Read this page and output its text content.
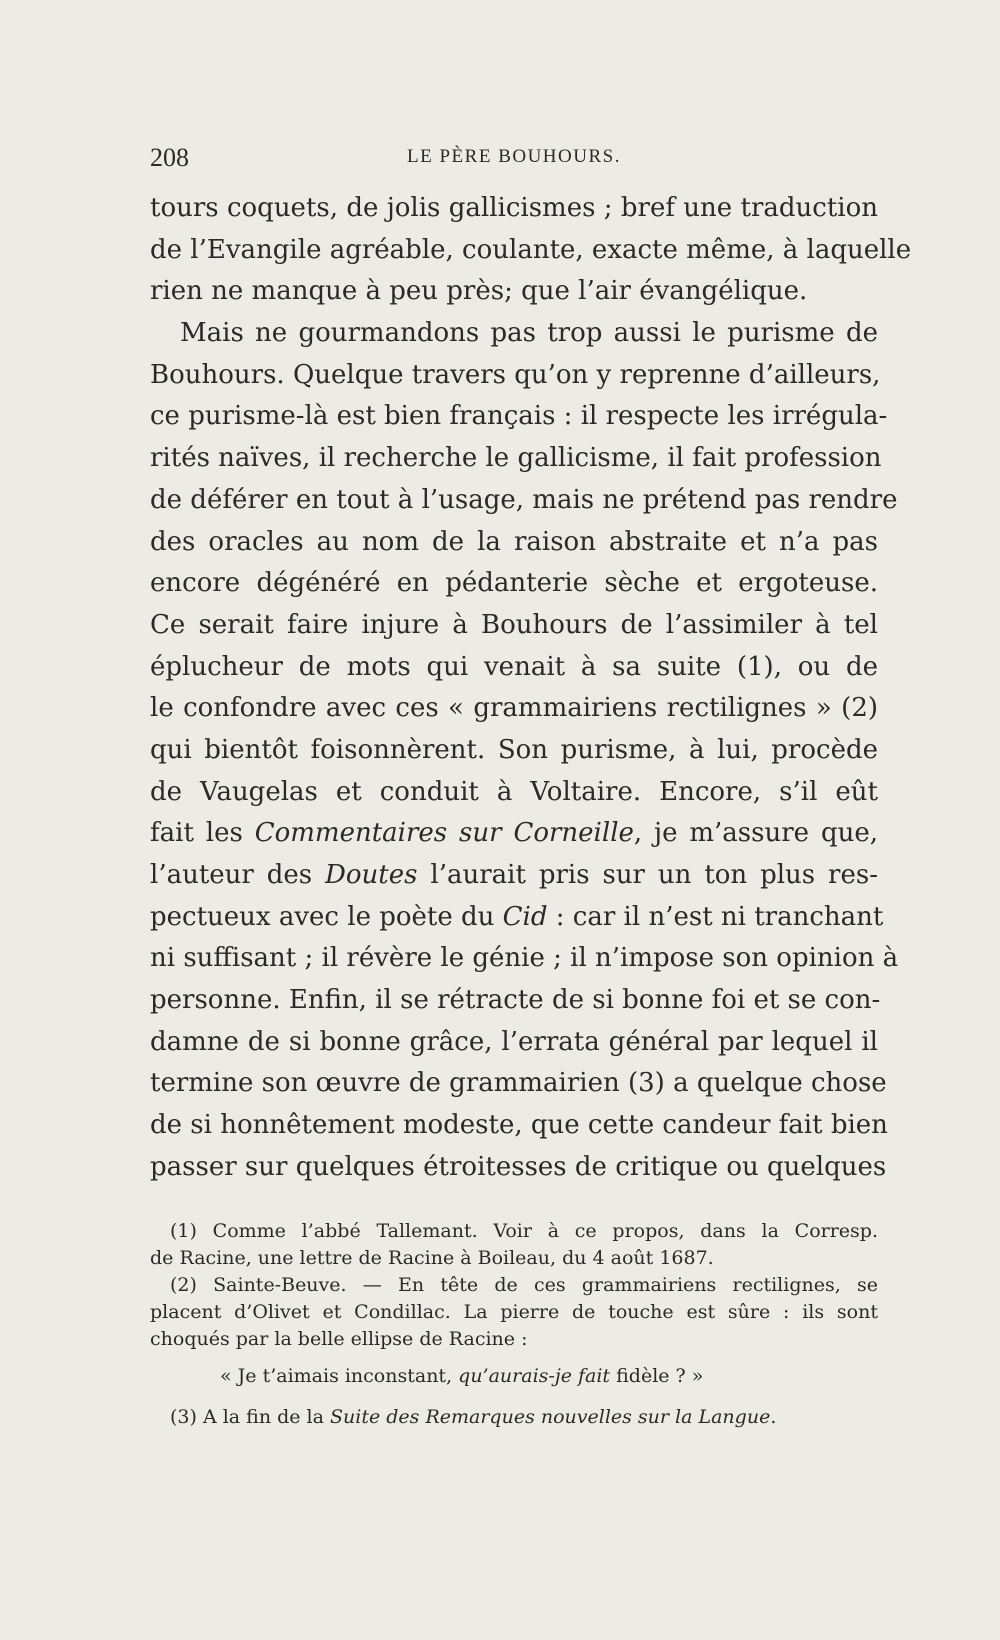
208	LE PÈRE BOUHOURS.
tours coquets, de jolis gallicismes ; bref une traduction
de l’Evangile agréable, coulante, exacte même, à laquelle
rien ne manque à peu près; que l’air évangélique.
Mais ne gourmandons pas trop aussi le purisme de
Bouhours. Quelque travers qu’on y reprenne d’ailleurs,
ce purisme-là est bien français : il respecte les irrégula-
rités naïves, il recherche le gallicisme, il fait profession
de déférer en tout à l’usage, mais ne prétend pas rendre
des oracles au nom de la raison abstraite et n’a pas
encore dégénéré en pédanterie sèche et ergoteuse.
Ce serait faire injure à Bouhours de l’assimiler à tel
éplucheur de mots qui venait à sa suite (1), ou de
le confondre avec ces « grammairiens rectilignes » (2)
qui bientôt foisonnèrent. Son purisme, à lui, procède
de Vaugelas et conduit à Voltaire. Encore, s’il eût
fait les Commentaires sur Corneille, je m’assure que,
l’auteur des Doutes l’aurait pris sur un ton plus res-
pectueux avec le poète du Cid : car il n’est ni tranchant
ni suffisant ; il révère le génie ; il n’impose son opinion à
personne. Enfin, il se rétracte de si bonne foi et se con-
damne de si bonne grâce, l’errata général par lequel il
termine son œuvre de grammairien (3) a quelque chose
de si honnêtement modeste, que cette candeur fait bien
passer sur quelques étroitesses de critique ou quelques
(1) Comme l’abbé Tallemant. Voir à ce propos, dans la Corresp.
de Racine, une lettre de Racine à Boileau, du 4 août 1687.
(2) Sainte-Beuve. — En tête de ces grammairiens rectilignes, se
placent d’Olivet et Condillac. La pierre de touche est sûre : ils sont
choqués par la belle ellipse de Racine :
« Je t’aimais inconstant, qu’aurais-je fait fidèle ? »
(3) A la fin de la Suite des Remarques nouvelles sur la Langue.
